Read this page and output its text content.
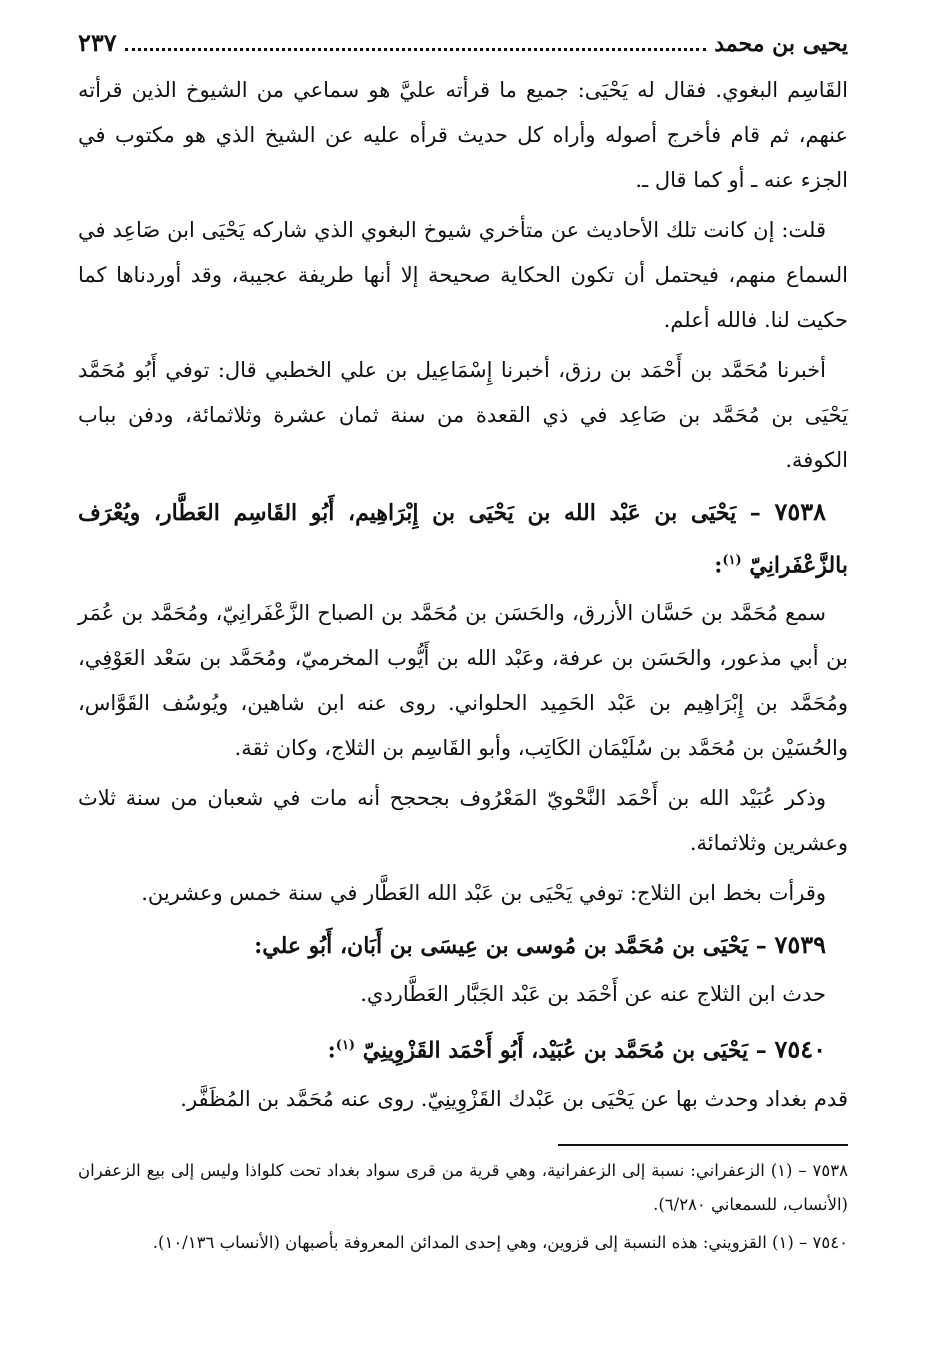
يحيى بن محمد
٢٣٧

القَاسِم البغوي. فقال له يَحْيَى: جميع ما قرأته عليَّ هو سماعي من الشيوخ الذين قرأته عنهم، ثم قام فأخرج أصوله وأراه كل حديث قرأه عليه عن الشيخ الذي هو مكتوب في الجزء عنه ـ أو كما قال ـ.

قلت: إن كانت تلك الأحاديث عن متأخري شيوخ البغوي الذي شاركه يَحْيَى ابن صَاعِد في السماع منهم، فيحتمل أن تكون الحكاية صحيحة إلا أنها طريفة عجيبة، وقد أوردناها كما حكيت لنا. فالله أعلم.

أخبرنا مُحَمَّد بن أَحْمَد بن رزق، أخبرنا إِسْمَاعِيل بن علي الخطبي قال: توفي أَبُو مُحَمَّد يَحْيَى بن مُحَمَّد بن صَاعِد في ذي القعدة من سنة ثمان عشرة وثلاثمائة، ودفن بباب الكوفة.

٧٥٣٨ – يَحْيَى بن عَبْد الله بن يَحْيَى بن إِبْرَاهِيم، أَبُو القَاسِم العَطَّار، ويُعْرَف بالزَّعْفَرانِيّ $^{(١)}$:

سمع مُحَمَّد بن حَسَّان الأزرق، والحَسَن بن مُحَمَّد بن الصباح الزَّعْفَرانِيّ، ومُحَمَّد بن عُمَر بن أبي مذعور، والحَسَن بن عرفة، وعَبْد الله بن أَيُّوب المخرميّ، ومُحَمَّد بن سَعْد العَوْفِي، ومُحَمَّد بن إِبْرَاهِيم بن عَبْد الحَمِيد الحلواني. روى عنه ابن شاهين، ويُوسُف القَوَّاس، والحُسَيْن بن مُحَمَّد بن سُلَيْمَان الكَاتِب، وأبو القَاسِم بن الثلاج، وكان ثقة.

وذكر عُبَيْد الله بن أَحْمَد النَّحْويّ المَعْرُوف بجحجح أنه مات في شعبان من سنة ثلاث وعشرين وثلاثمائة.

وقرأت بخط ابن الثلاج: توفي يَحْيَى بن عَبْد الله العَطَّار في سنة خمس وعشرين.

٧٥٣٩ – يَحْيَى بن مُحَمَّد بن مُوسى بن عِيسَى بن أَبَان، أَبُو علي:

حدث ابن الثلاج عنه عن أَحْمَد بن عَبْد الجَبَّار العَطَّاردي.

٧٥٤٠ – يَحْيَى بن مُحَمَّد بن عُبَيْد، أَبُو أَحْمَد القَزْوِينِيّ $^{(١)}$:

قدم بغداد وحدث بها عن يَحْيَى بن عَبْدك القَزْوِينِيّ. روى عنه مُحَمَّد بن المُظَفَّر.

٧٥٣٨ – (١) الزعفراني: نسبة إلى الزعفرانية، وهي قرية من قرى سواد بغداد تحت كلواذا وليس إلى بيع الزعفران (الأنساب، للسمعاني ٦/٢٨٠).

٧٥٤٠ – (١) القزويني: هذه النسبة إلى قزوين، وهي إحدى المدائن المعروفة بأصبهان (الأنساب ١٠/١٣٦).
